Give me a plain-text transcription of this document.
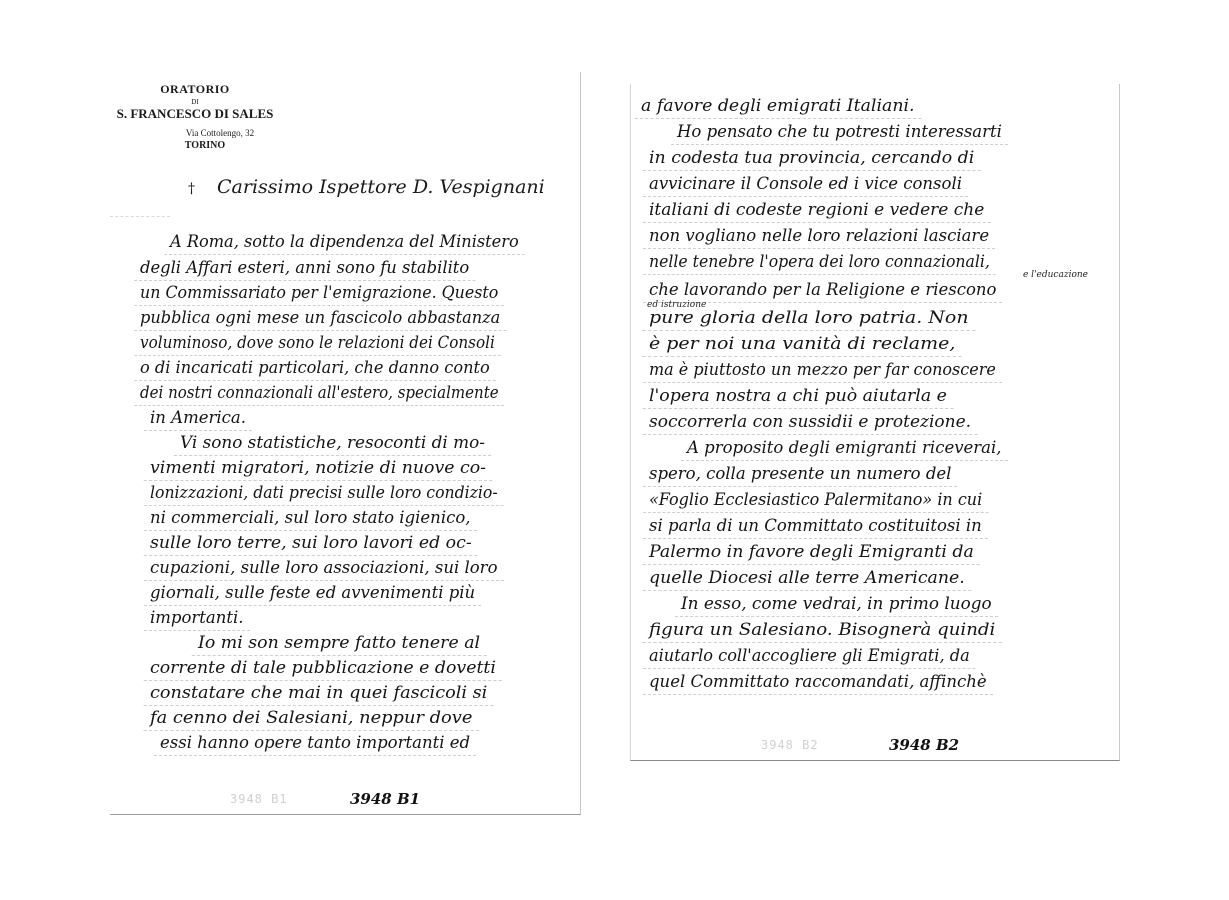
ORATORIO
DI
S. FRANCESCO DI SALES
Via Cottolengo, 32
TORINO
† Carissimo Ispettore D. Vespignani
A Roma, sotto la dipendenza del Ministero
degli Affari esteri, anni sono fu stabilito
un Commissariato per l'emigrazione. Questo
pubblica ogni mese un fascicolo abbastanza
voluminoso, dove sono le relazioni dei Consoli
o di incaricati particolari, che danno conto
dei nostri connazionali all'estero, specialmente
in America.
Vi sono statistiche, resoconti di mo-
vimenti migratori, notizie di nuove co-
lonizzazioni, dati precisi sulle loro condizio-
ni commerciali, sul loro stato igienico,
sulle loro terre, sui loro lavori ed oc-
cupazioni, sulle loro associazioni, sui loro
giornali, sulle feste ed avvenimenti più
importanti.
Io mi son sempre fatto tenere al
corrente di tale pubblicazione e dovetti
constatare che mai in quei fascicoli si
fa cenno dei Salesiani, neppur dove
essi hanno opere tanto importanti ed
3948 B1	3948 B1
a favore degli emigrati Italiani.
Ho pensato che tu potresti interessarti
in codesta tua provincia, cercando di
avvicinare il Console ed i vice consoli
italiani di codeste regioni e vedere che
non vogliano nelle loro relazioni lasciare
nelle tenebre l'opera dei loro connazionali,
e l'educazione
che lavorando per la Religione e riescono
ed istruzione
pure gloria della loro patria. Non
è per noi una vanità di reclame,
ma è piuttosto un mezzo per far conoscere
l'opera nostra a chi può aiutarla e
soccorrerla con sussidii e protezione.
A proposito degli emigranti riceverai,
spero, colla presente un numero del
«Foglio Ecclesiastico Palermitano» in cui
si parla di un Committato costituitosi in
Palermo in favore degli Emigranti da
quelle Diocesi alle terre Americane.
In esso, come vedrai, in primo luogo
figura un Salesiano. Bisognerà quindi
aiutarlo coll'accogliere gli Emigrati, da
quel Committato raccomandati, affinchè
3948 B2	3948 B2
